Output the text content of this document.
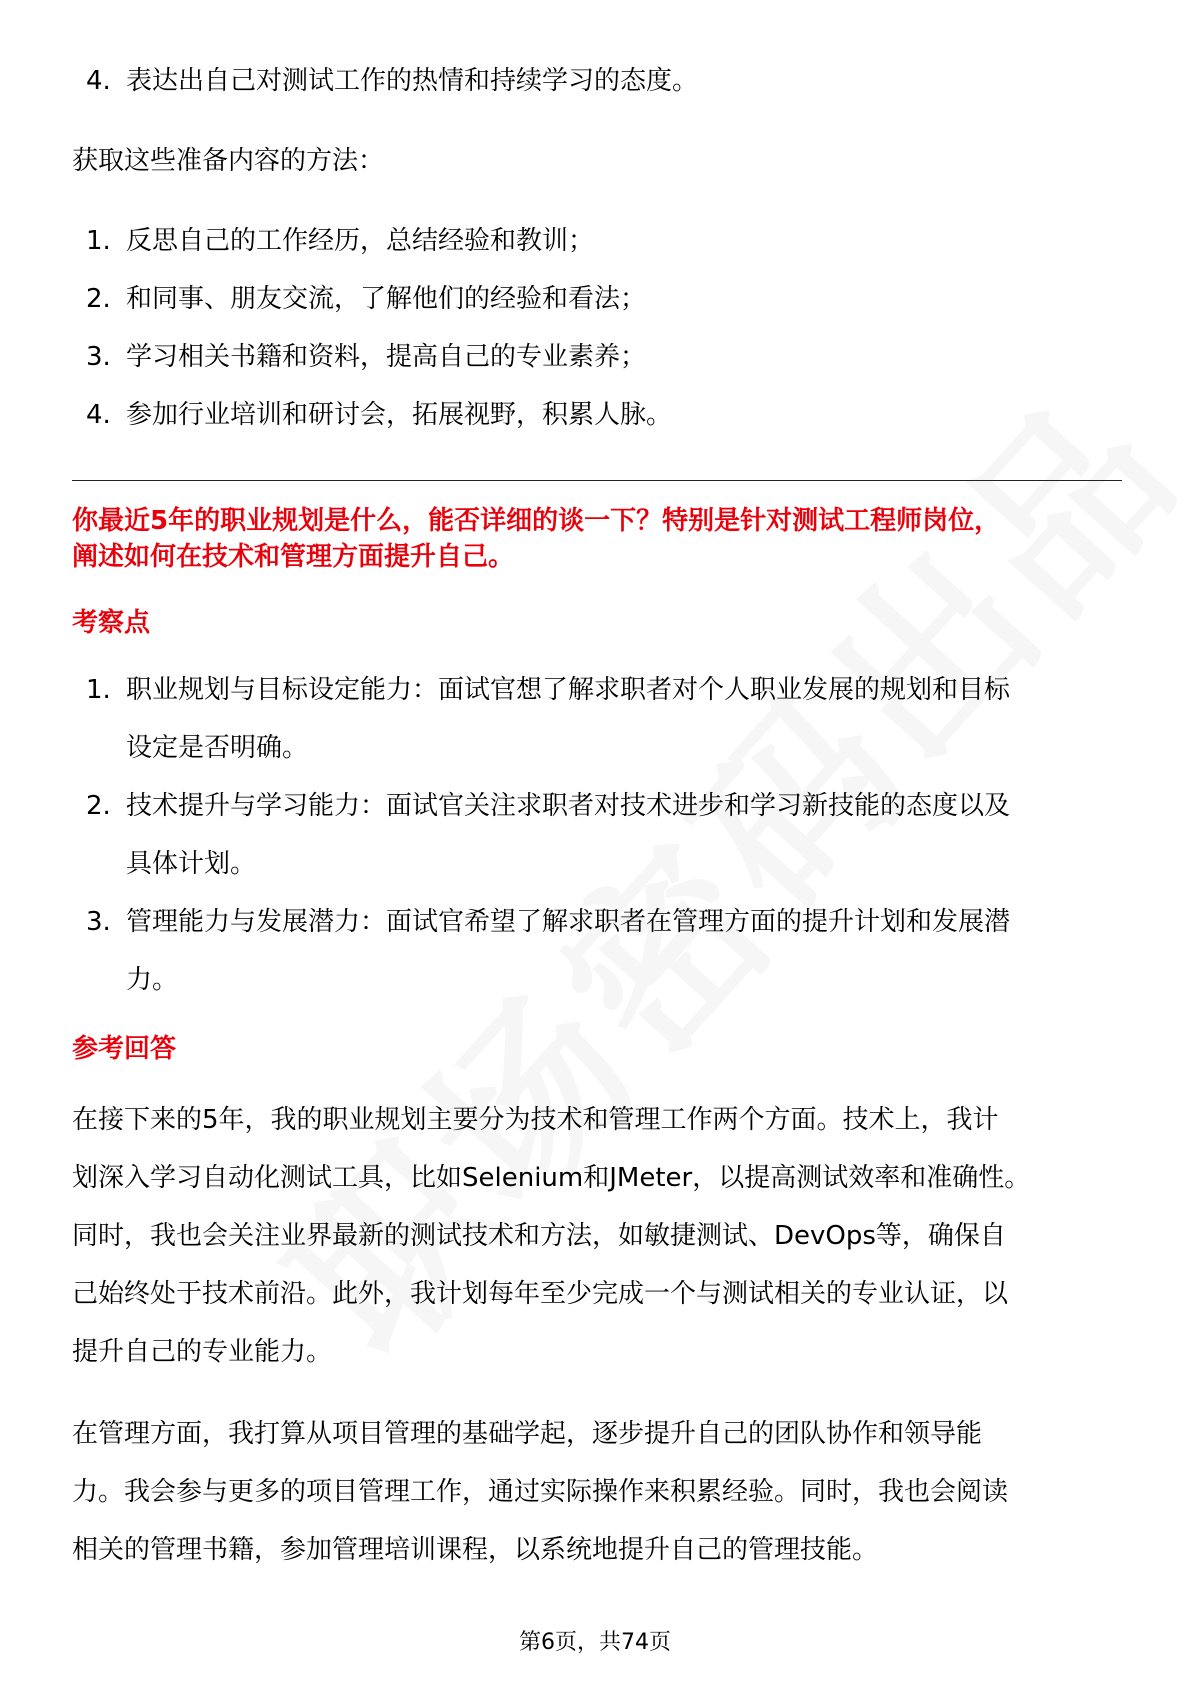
4. 表达出自己对测试工作的热情和持续学习的态度。

获取这些准备内容的方法：

1. 反思自己的工作经历，总结经验和教训；
2. 和同事、朋友交流，了解他们的经验和看法；
3. 学习相关书籍和资料，提高自己的专业素养；
4. 参加行业培训和研讨会，拓展视野，积累人脉。

你最近5年的职业规划是什么，能否详细的谈一下？特别是针对测试工程师岗位，
阐述如何在技术和管理方面提升自己。

考察点

1. 职业规划与目标设定能力：面试官想了解求职者对个人职业发展的规划和目标
设定是否明确。
2. 技术提升与学习能力：面试官关注求职者对技术进步和学习新技能的态度以及
具体计划。
3. 管理能力与发展潜力：面试官希望了解求职者在管理方面的提升计划和发展潜
力。

参考回答

在接下来的5年，我的职业规划主要分为技术和管理工作两个方面。技术上，我计
划深入学习自动化测试工具，比如Selenium和JMeter，以提高测试效率和准确性。
同时，我也会关注业界最新的测试技术和方法，如敏捷测试、DevOps等，确保自
己始终处于技术前沿。此外，我计划每年至少完成一个与测试相关的专业认证，以
提升自己的专业能力。

在管理方面，我打算从项目管理的基础学起，逐步提升自己的团队协作和领导能
力。我会参与更多的项目管理工作，通过实际操作来积累经验。同时，我也会阅读
相关的管理书籍，参加管理培训课程，以系统地提升自己的管理技能。

第6页，共74页
